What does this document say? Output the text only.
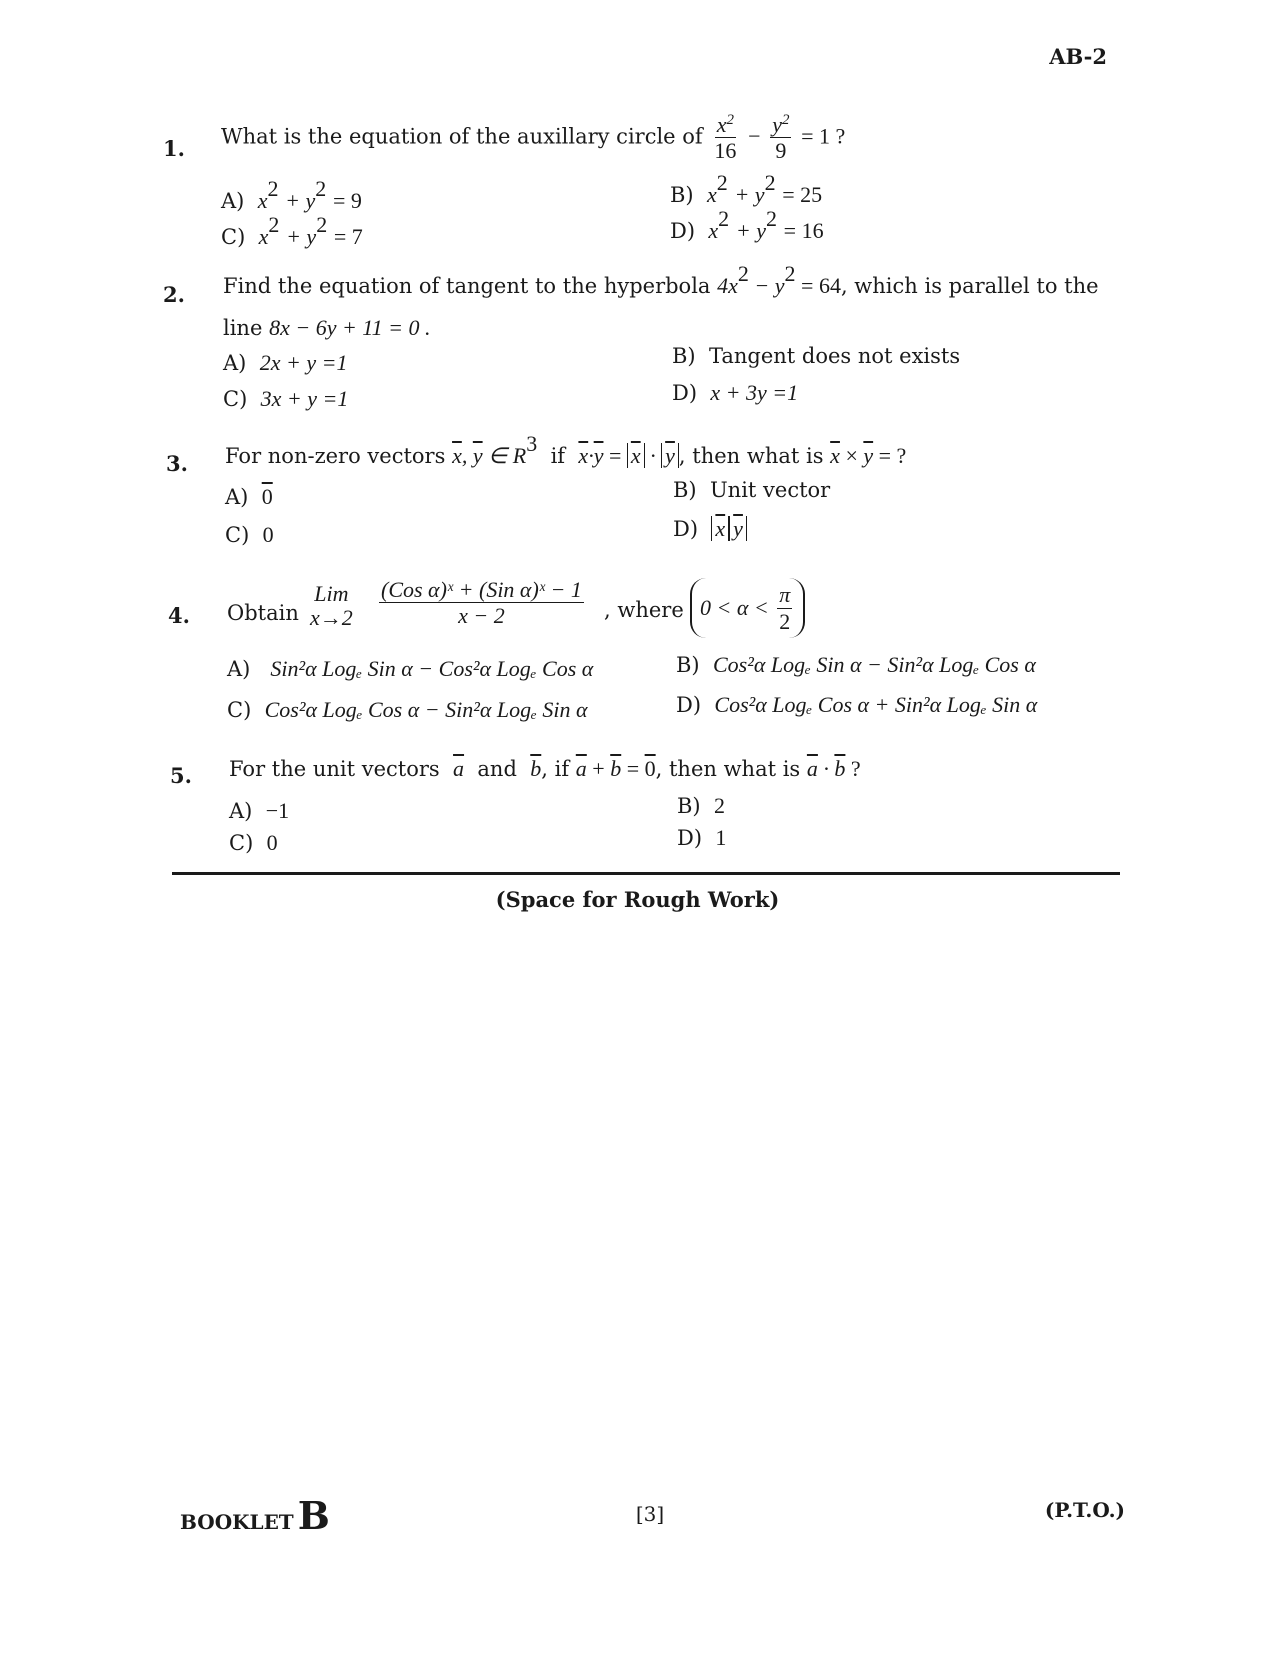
AB-2
1. What is the equation of the auxillary circle of $\frac{x^2}{16} - \frac{y^2}{9} = 1$ ?
A) $x^2 + y^2 = 9$	B) $x^2 + y^2 = 25$
C) $x^2 + y^2 = 7$	D) $x^2 + y^2 = 16$
2. Find the equation of tangent to the hyperbola $4x^2 - y^2 = 64$, which is parallel to the
line 8x − 6y + 11 = 0 .
A) 2x + y =1	B) Tangent does not exists
C) 3x + y =1	D) x + 3y =1
3. For non-zero vectors $\overline{x}$, $\overline{y}$ ∈ $R^3$  if $\overline{x}\cdot\overline{y} = \overline{x} \cdot \overline{y}$ , then what is $\overline{x} \times \overline{y}$ = ?
A) 0	B) Unit vector
C) 0	D) $\overline{x}$ $\overline{y}$
4. Obtain
Lim
$x\to 2 \frac{\text{(Cos α)ˣ + (Sin α)ˣ − 1}}{x - 2}$ , where 0 < α <
$\frac{\pi}{2}$
A) Sin²α Logₑ Sin α − Cos²α Logₑ Cos α	B) Cos²α Logₑ Sin α − Sin²α Logₑ Cos α
C) Cos²α Logₑ Cos α − Sin²α Logₑ Sin α	D) Cos²α Logₑ Cos α + Sin²α Logₑ Sin α
5. For the unit vectors $\overline{a}$ and $\overline{b}$, if $\overline{a} + \overline{b} = 0$, then what is $\overline{a} \cdot \overline{b}$ ?
A) −1	B) 2
C) 0	D) 1
(Space for Rough Work)
BOOKLET B	[3]	(P.T.O.)
